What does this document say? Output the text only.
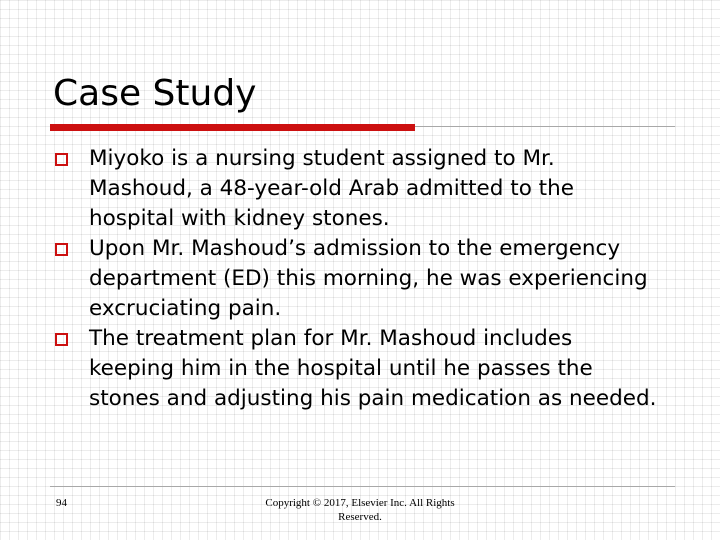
Case Study
Miyoko is a nursing student assigned to Mr. Mashoud, a 48-year-old Arab admitted to the hospital with kidney stones.
Upon Mr. Mashoud’s admission to the emergency department (ED) this morning, he was experiencing excruciating pain.
The treatment plan for Mr. Mashoud includes keeping him in the hospital until he passes the stones and adjusting his pain medication as needed.
94	Copyright © 2017, Elsevier Inc. All Rights
Reserved.
